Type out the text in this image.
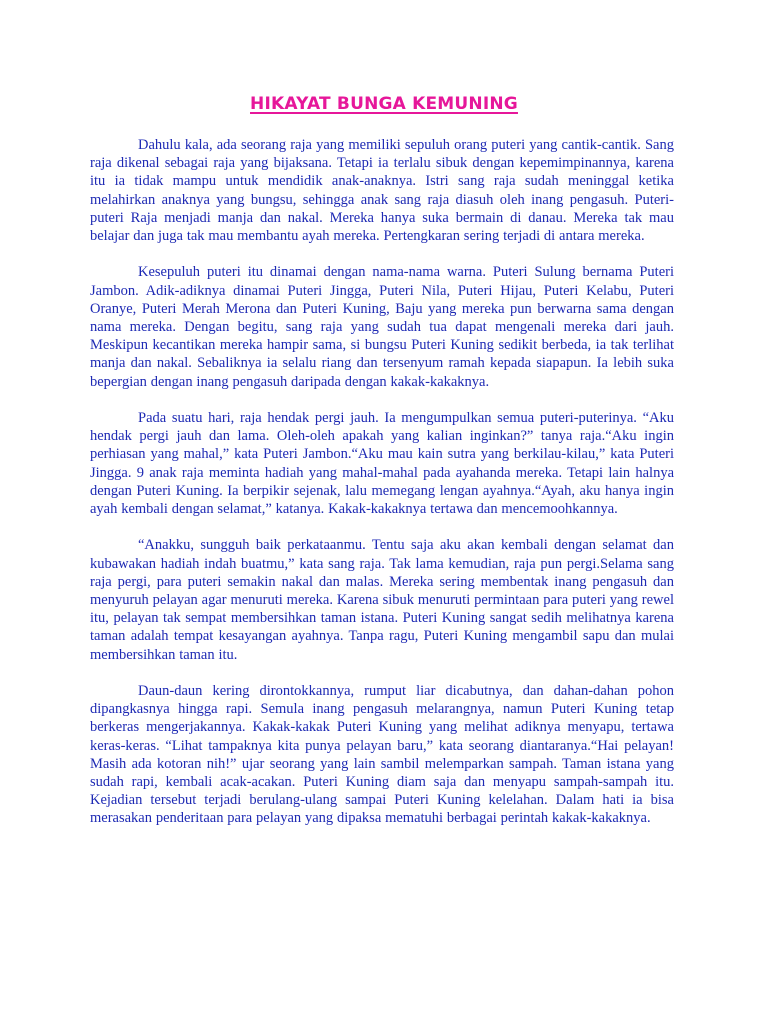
HIKAYAT BUNGA KEMUNING

Dahulu kala, ada seorang raja yang memiliki sepuluh orang puteri yang cantik-cantik. Sang raja dikenal sebagai raja yang bijaksana. Tetapi ia terlalu sibuk dengan kepemimpinannya, karena itu ia tidak mampu untuk mendidik anak-anaknya. Istri sang raja sudah meninggal ketika melahirkan anaknya yang bungsu, sehingga anak sang raja diasuh oleh inang pengasuh. Puteri-puteri Raja menjadi manja dan nakal. Mereka hanya suka bermain di danau. Mereka tak mau belajar dan juga tak mau membantu ayah mereka. Pertengkaran sering terjadi di antara mereka.

Kesepuluh puteri itu dinamai dengan nama-nama warna. Puteri Sulung bernama Puteri Jambon. Adik-adiknya dinamai Puteri Jingga, Puteri Nila, Puteri Hijau, Puteri Kelabu, Puteri Oranye, Puteri Merah Merona dan Puteri Kuning, Baju yang mereka pun berwarna sama dengan nama mereka. Dengan begitu, sang raja yang sudah tua dapat mengenali mereka dari jauh. Meskipun kecantikan mereka hampir sama, si bungsu Puteri Kuning sedikit berbeda, ia tak terlihat manja dan nakal. Sebaliknya ia selalu riang dan tersenyum ramah kepada siapapun. Ia lebih suka bepergian dengan inang pengasuh daripada dengan kakak-kakaknya.

Pada suatu hari, raja hendak pergi jauh. Ia mengumpulkan semua puteri-puterinya. “Aku hendak pergi jauh dan lama. Oleh-oleh apakah yang kalian inginkan?” tanya raja.“Aku ingin perhiasan yang mahal,” kata Puteri Jambon.“Aku mau kain sutra yang berkilau-kilau,” kata Puteri Jingga. 9 anak raja meminta hadiah yang mahal-mahal pada ayahanda mereka. Tetapi lain halnya dengan Puteri Kuning. Ia berpikir sejenak, lalu memegang lengan ayahnya.“Ayah, aku hanya ingin ayah kembali dengan selamat,” katanya. Kakak-kakaknya tertawa dan mencemoohkannya.

“Anakku, sungguh baik perkataanmu. Tentu saja aku akan kembali dengan selamat dan kubawakan hadiah indah buatmu,” kata sang raja. Tak lama kemudian, raja pun pergi.Selama sang raja pergi, para puteri semakin nakal dan malas. Mereka sering membentak inang pengasuh dan menyuruh pelayan agar menuruti mereka. Karena sibuk menuruti permintaan para puteri yang rewel itu, pelayan tak sempat membersihkan taman istana. Puteri Kuning sangat sedih melihatnya karena taman adalah tempat kesayangan ayahnya. Tanpa ragu, Puteri Kuning mengambil sapu dan mulai membersihkan taman itu.

Daun-daun kering dirontokkannya, rumput liar dicabutnya, dan dahan-dahan pohon dipangkasnya hingga rapi. Semula inang pengasuh melarangnya, namun Puteri Kuning tetap berkeras mengerjakannya. Kakak-kakak Puteri Kuning yang melihat adiknya menyapu, tertawa keras-keras. “Lihat tampaknya kita punya pelayan baru,” kata seorang diantaranya.“Hai pelayan! Masih ada kotoran nih!” ujar seorang yang lain sambil melemparkan sampah. Taman istana yang sudah rapi, kembali acak-acakan. Puteri Kuning diam saja dan menyapu sampah-sampah itu. Kejadian tersebut terjadi berulang-ulang sampai Puteri Kuning kelelahan. Dalam hati ia bisa merasakan penderitaan para pelayan yang dipaksa mematuhi berbagai perintah kakak-kakaknya.
